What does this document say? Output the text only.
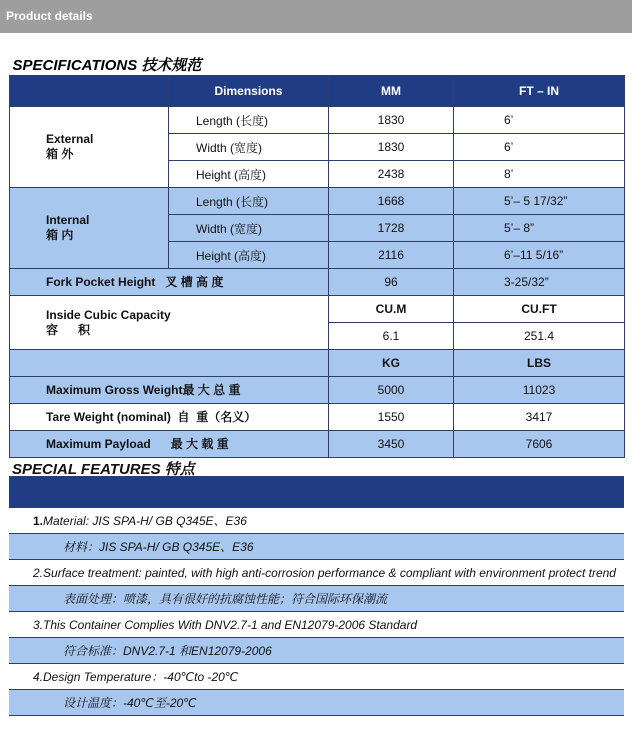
Product details
SPECIFICATIONS 技术规范			
	Dimensions	MM	FT – IN

External
箱 外	Length (长度)	1830	6’
	Width (宽度)	1830	6’
	Height (高度)	2438	8’

Internal
箱 内	Length (长度)	1668	5’– 5 17/32”
	Width (宽度)	1728	5’– 8”
	Height (高度)	2116	6’–11 5/16”
Fork Pocket Height   叉 槽 高 度		96	3-25/32”

Inside Cubic Capacity
容      积		CU.M	CU.FT
		6.1	251.4
		KG	LBS
Maximum Gross Weight最 大 总 重		5000	11023
Tare Weight (nominal)  自  重（名义）		1550	3417
Maximum Payload      最 大 载 重		3450	7606
SPECIAL FEATURES 特点
1.Material: JIS SPA-H/ GB Q345E、E36
材料：JIS SPA-H/ GB Q345E、E36
2.Surface treatment: painted, with high anti-corrosion performance & compliant with environment protect trend
表面处理：喷漆，具有很好的抗腐蚀性能；符合国际环保潮流
3.This Container Complies With DNV2.7-1 and EN12079-2006 Standard
符合标准：DNV2.7-1 和EN12079-2006
4.Design Temperature：-40℃to -20℃
设计温度：-40℃至-20℃
